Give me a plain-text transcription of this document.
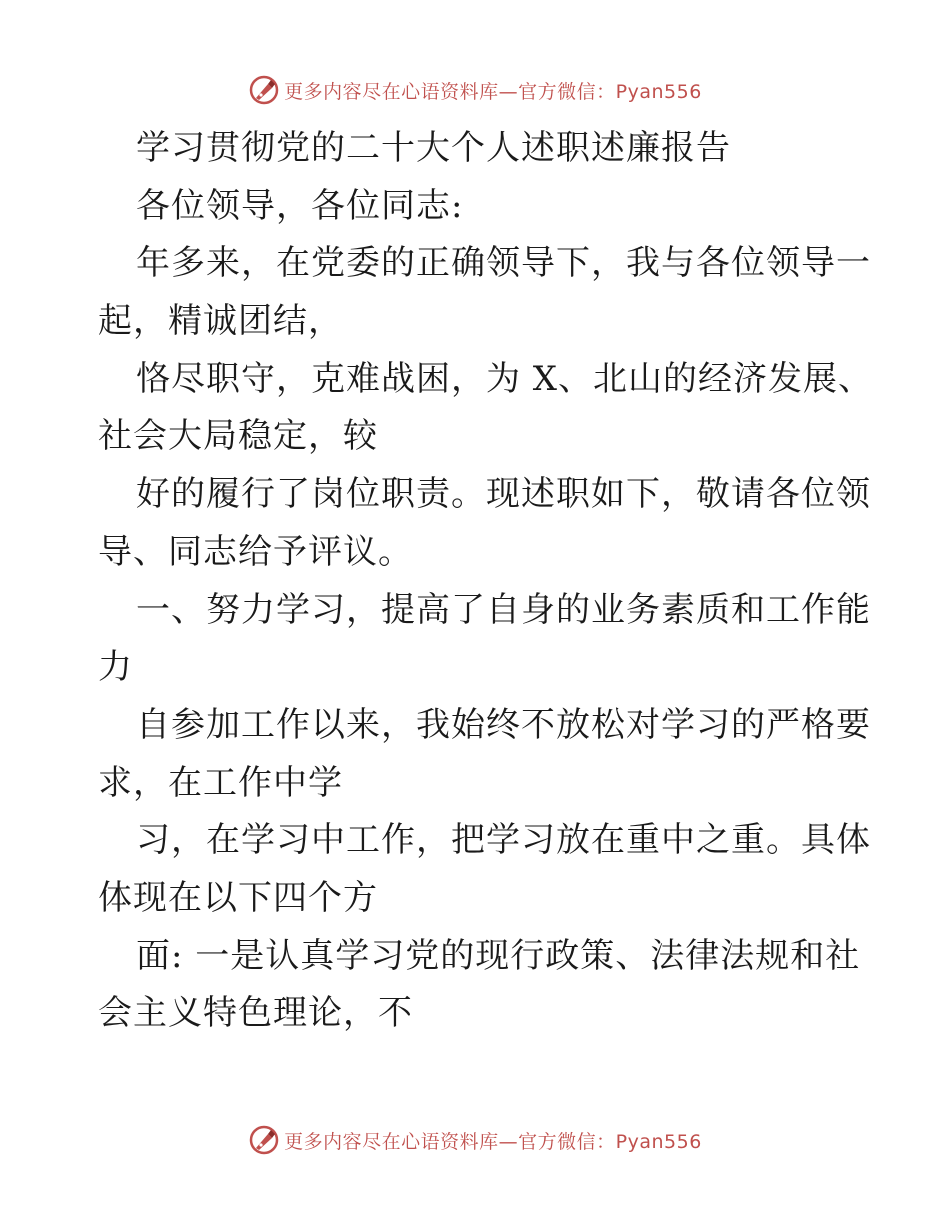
更多内容尽在心语资料库—官方微信：Pyan556
学习贯彻党的二十大个人述职述廉报告
各位领导，各位同志:
年多来，在党委的正确领导下，我与各位领导一
起，精诚团结，
恪尽职守，克难战困，为 X、北山的经济发展、
社会大局稳定，较
好的履行了岗位职责。现述职如下，敬请各位领
导、同志给予评议。
一、努力学习，提高了自身的业务素质和工作能
力
自参加工作以来，我始终不放松对学习的严格要
求，在工作中学
习，在学习中工作，把学习放在重中之重。具体
体现在以下四个方
面: 一是认真学习党的现行政策、法律法规和社
会主义特色理论，不
更多内容尽在心语资料库—官方微信：Pyan556
